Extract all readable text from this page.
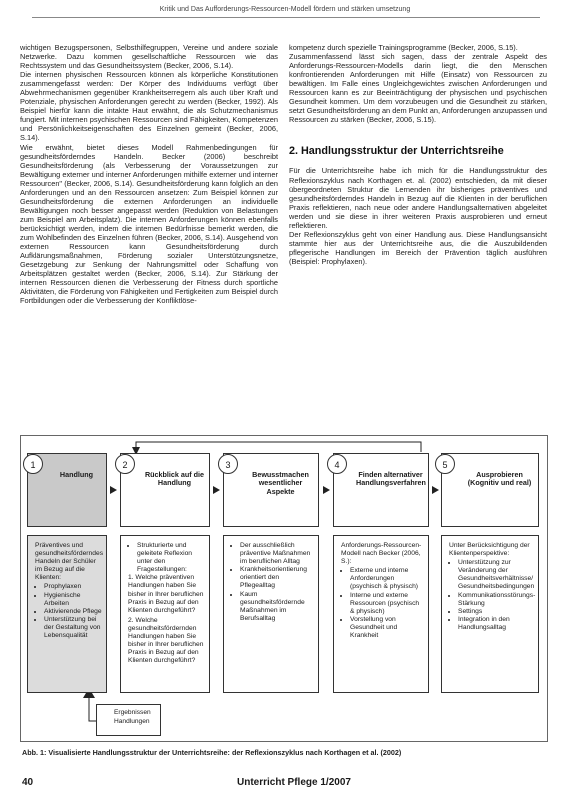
Kritik und Das Aufforderungs-Ressourcen-Modell fördern und stärken umsetzung

wichtigen Bezugspersonen, Selbsthilfegruppen, Vereine und andere soziale Netzwerke. Dazu kommen gesellschaftliche Ressourcen wie das Rechtssystem und das Gesundheitssystem (Becker, 2006, S.14).

Die internen physischen Ressourcen können als körperliche Konstitutionen zusammengefasst werden: Der Körper des Individuums verfügt über Abwehrmechanismen gegenüber Krankheitserregern als auch über Kraft und Potenziale, physischen Anforderungen gerecht zu werden (Becker, 1992). Als Beispiel hierfür kann die intakte Haut erwähnt, die als Schutzmechanismus fungiert. Mit internen psychischen Ressourcen sind Fähigkeiten, Kompetenzen und Persönlichkeitseigenschaften des Einzelnen gemeint (Becker, 2006, S.14).

Wie erwähnt, bietet dieses Modell Rahmenbedingungen für gesundheitsförderndes Handeln. Becker (2006) beschreibt Gesundheitsförderung (als Verbesserung der Voraussetzungen zur Bewältigung externer und interner Anforderungen mithilfe externer und interner Ressourcen" (Becker, 2006, S.14). Gesundheitsförderung kann folglich an den Anforderungen und an den Ressourcen ansetzen: Zum Beispiel können zur Gesundheitsförderung die externen Anforderungen an individuelle Bewältigungen noch besser angepasst werden (Reduktion von Belastungen zum Beispiel am Arbeitsplatz). Die internen Anforderungen können ebenfalls berücksichtigt werden, indem die internen Bedürfnisse bemerkt werden, die zum Wohlbefinden des Einzelnen führen (Becker, 2006, S.14). Ausgehend von externen Ressourcen kann Gesundheitsförderung durch Aufklärungsmaßnahmen, Förderung sozialer Unterstützungsnetze, Gesetzgebung zur Senkung der Nahrungsmittel oder Schaffung von Arbeitsplätzen gestaltet werden (Becker, 2006, S.14). Zur Stärkung der internen Ressourcen dienen die Verbesserung der Fitness durch sportliche Aktivitäten, die Förderung von Fähigkeiten und Fertigkeiten zum Beispiel durch Fortbildungen oder die Verbesserung der Konfliktlöse-

kompetenz durch spezielle Trainingsprogramme (Becker, 2006, S.15).

Zusammenfassend lässt sich sagen, dass der zentrale Aspekt des Anforderungs-Ressourcen-Modells darin liegt, die den Menschen konfrontierenden Anforderungen mit Hilfe (Einsatz) von Ressourcen zu bewältigen. Im Falle eines Ungleichgewichtes zwischen Anforderungen und Ressourcen kann es zur Beeinträchtigung der physischen und psychischen Gesundheit kommen. Um dem vorzubeugen und die Gesundheit zu stärken, setzt Gesundheitsförderung an dem Punkt an, Anforderungen anzupassen und Ressourcen zu stärken (Becker, 2006, S.15).

2. Handlungsstruktur der Unterrichtsreihe

Für die Unterrichtsreihe habe ich mich für die Handlungsstruktur des Reflexionszyklus nach Korthagen et. al. (2002) entschieden, da mit dieser übergeordneten Struktur die Lernenden ihr bisheriges präventives und gesundheitsförderndes Handeln in Bezug auf die Klienten in der beruflichen Praxis reflektieren, nach neue oder andere Handlungsalternativen abgeleitet werden und sie diese in ihrer weiteren Praxis ausprobieren und erneut reflektieren.

Der Reflexionszyklus geht von einer Handlung aus. Diese Handlungsansicht stammte hier aus der Unterrichtsreihe aus, die die Auszubildenden pflegerische Handlungen im Bereich der Prävention täglich ausführen (Beispiel: Prophylaxen).

Handlung	Rückblick auf die Handlung
Bewusstmachen wesentlicher Aspekte
Finden alternativer Handlungsverfahren
Ausprobieren (Kognitiv und real)
1	2	3	4	5

Präventives und gesundheitsförderndes Handeln der Schüler im Bezug auf die Klienten:

• Prophylaxen
• Hygienische Arbeiten
• Aktivierende Pflege
• Unterstützung bei der Gestaltung von Lebensqualität
• Strukturierte und geleitete Reflexion unter den Fragestellungen:

1. Welche präventiven Handlungen haben Sie bisher in Ihrer beruflichen Praxis in Bezug auf den Klienten durchgeführt?

2. Welche gesundheitsfördernden Handlungen haben Sie bisher in Ihrer beruflichen Praxis in Bezug auf den Klienten durchgeführt?

• Der ausschließlich präventive Maßnahmen im beruflichen Alltag
• Krankheitsorientierung orientiert den Pflegealltag
• Kaum gesundheitsfördernde Maßnahmen im Berufsalltag

Anforderungs-Ressourcen-Modell nach Becker (2006, S.):

• Externe und interne Anforderungen (psychisch & physisch)
• Interne und externe Ressourcen (psychisch & physisch)
• Vorstellung von Gesundheit und Krankheit

Unter Berücksichtigung der Klientenperspektive:

• Unterstützung zur Veränderung der Gesundheitsverhältnisse/ Gesundheitsbedingungen
• Kommunikationsstörungs-Stärkung
• Settings
• Integration in den Handlungsalltag
Ergebnissen Handlungen
Abb. 1: Visualisierte Handlungsstruktur der Unterrichtsreihe: der Reflexionszyklus nach Korthagen et al. (2002)
40	Unterricht Pflege 1/2007
